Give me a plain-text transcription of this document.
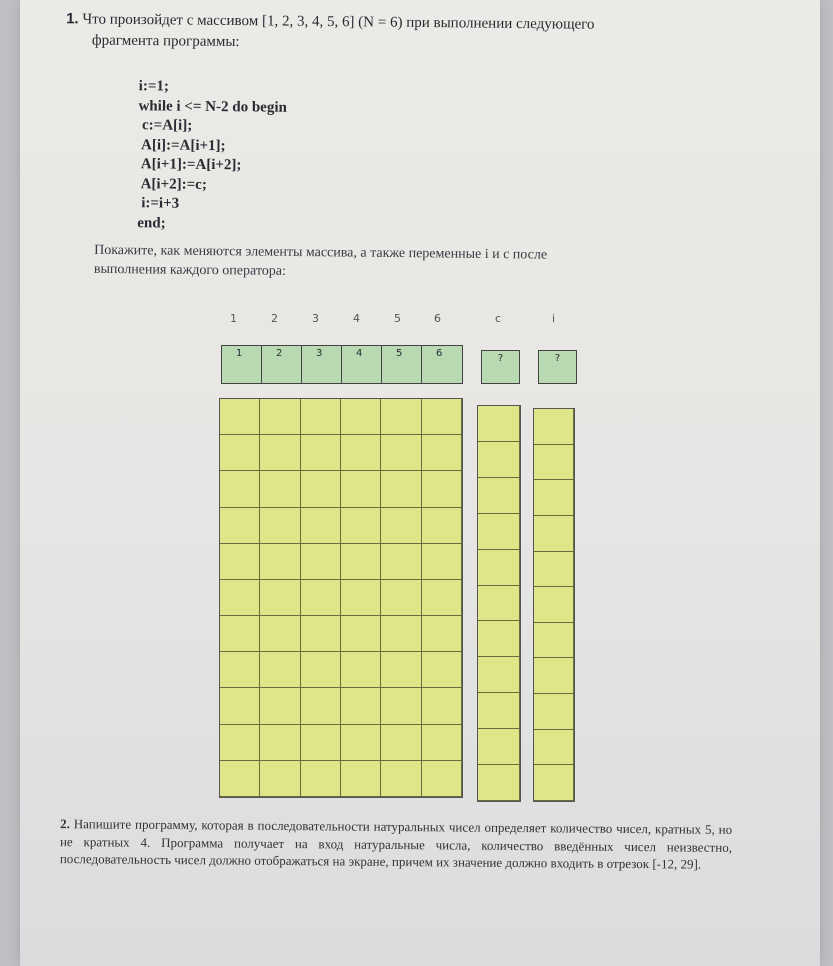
1. Что произойдет с массивом [1, 2, 3, 4, 5, 6] (N = 6) при выполнении следующего
фрагмента программы:
i:=1;
while i <= N-2 do begin
c:=A[i];
A[i]:=A[i+1];
A[i+1]:=A[i+2];
A[i+2]:=c;
i:=i+3
end;
Покажите, как меняются элементы массива, а также переменные i и c после
выполнения каждого оператора:
1	2	3	4	5	6	c	i
1	2	3	4	5	6	?	?
2. Напишите программу, которая в последовательности натуральных чисел определяет количество чисел, кратных 5, но не кратных 4. Программа получает на вход натуральные числа, количество введённых чисел неизвестно, последовательность чисел должно отображаться на экране, причем их значение должно входить в отрезок [-12, 29].
